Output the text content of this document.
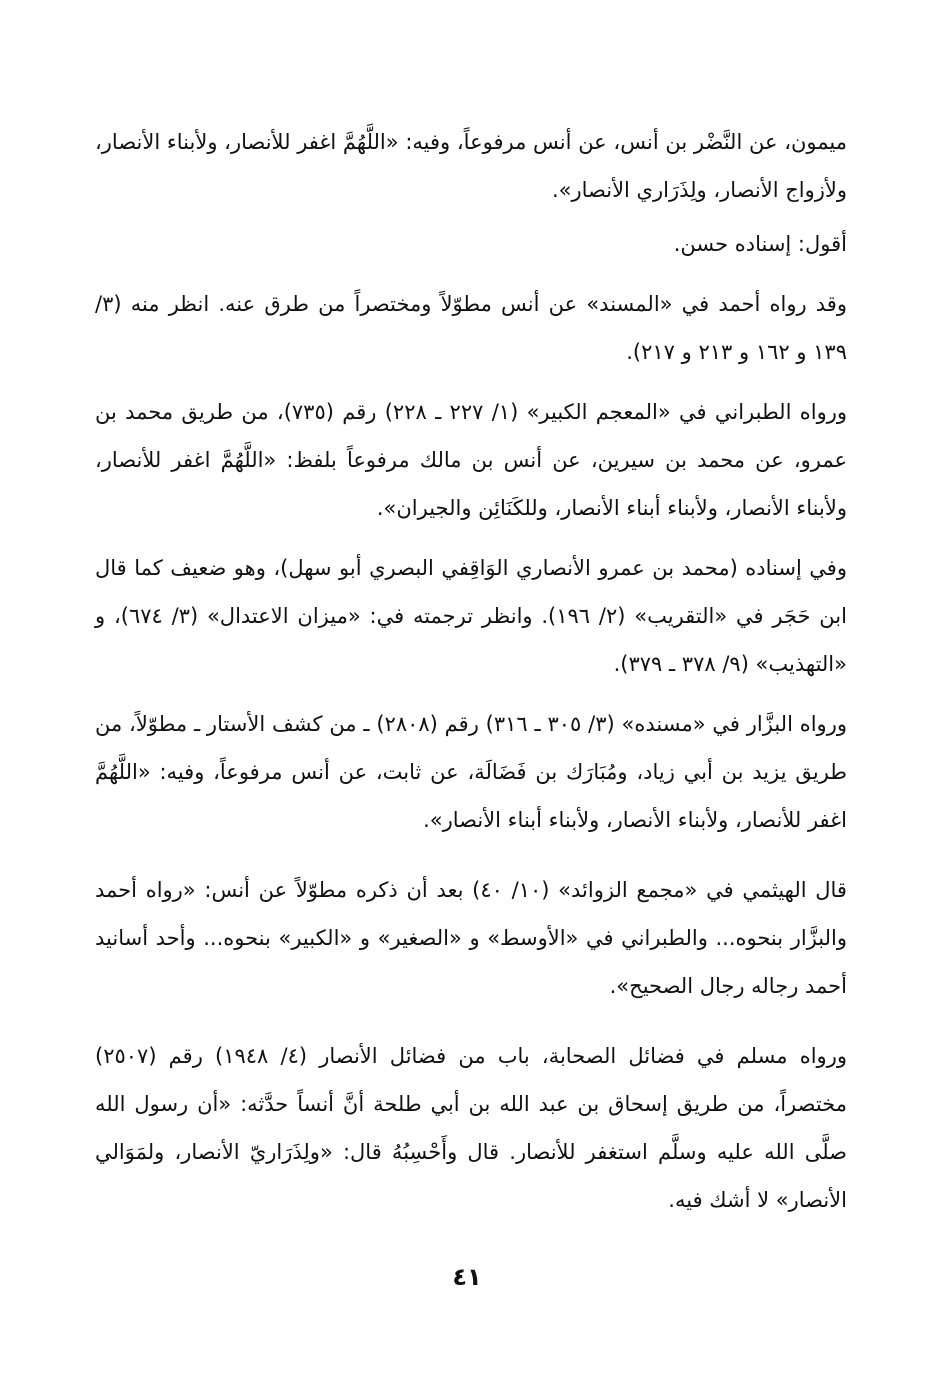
ميمون، عن النَّضْر بن أنس، عن أنس مرفوعاً، وفيه: «اللَّهُمَّ اغفر للأنصار، ولأبناء الأنصار، ولأزواج الأنصار، ولِذَرَاري الأنصار».

أقول: إسناده حسن.

وقد رواه أحمد في «المسند» عن أنس مطوّلاً ومختصراً من طرق عنه. انظر منه (٣/ ١٣٩ و ١٦٢ و ٢١٣ و ٢١٧).

ورواه الطبراني في «المعجم الكبير» (١/ ٢٢٧ ـ ٢٢٨) رقم (٧٣٥)، من طريق محمد بن عمرو، عن محمد بن سيرين، عن أنس بن مالك مرفوعاً بلفظ: «اللَّهُمَّ اغفر للأنصار، ولأبناء الأنصار، ولأبناء أبناء الأنصار، وللكَنَائِن والجيران».

وفي إسناده (محمد بن عمرو الأنصاري الوَاقِفي البصري أبو سهل)، وهو ضعيف كما قال ابن حَجَر في «التقريب» (٢/ ١٩٦). وانظر ترجمته في: «ميزان الاعتدال» (٣/ ٦٧٤)، و «التهذيب» (٩/ ٣٧٨ ـ ٣٧٩).

ورواه البزَّار في «مسنده» (٣/ ٣٠٥ ـ ٣١٦) رقم (٢٨٠٨) ـ من كشف الأستار ـ مطوّلاً، من طريق يزيد بن أبي زياد، ومُبَارَك بن فَضَالَة، عن ثابت، عن أنس مرفوعاً، وفيه: «اللَّهُمَّ اغفر للأنصار، ولأبناء الأنصار، ولأبناء أبناء الأنصار».

قال الهيثمي في «مجمع الزوائد» (١٠/ ٤٠) بعد أن ذكره مطوّلاً عن أنس: «رواه أحمد والبزَّار بنحوه... والطبراني في «الأوسط» و «الصغير» و «الكبير» بنحوه... وأحد أسانيد أحمد رجاله رجال الصحيح».

ورواه مسلم في فضائل الصحابة، باب من فضائل الأنصار (٤/ ١٩٤٨) رقم (٢٥٠٧) مختصراً، من طريق إسحاق بن عبد الله بن أبي طلحة أنَّ أنساً حدَّثه: «أن رسول الله صلَّى الله عليه وسلَّم استغفر للأنصار. قال وأَحْسِبُهُ قال: «ولِذَرَاريّ الأنصار، ولمَوَالي الأنصار» لا أشك فيه.

٤١
